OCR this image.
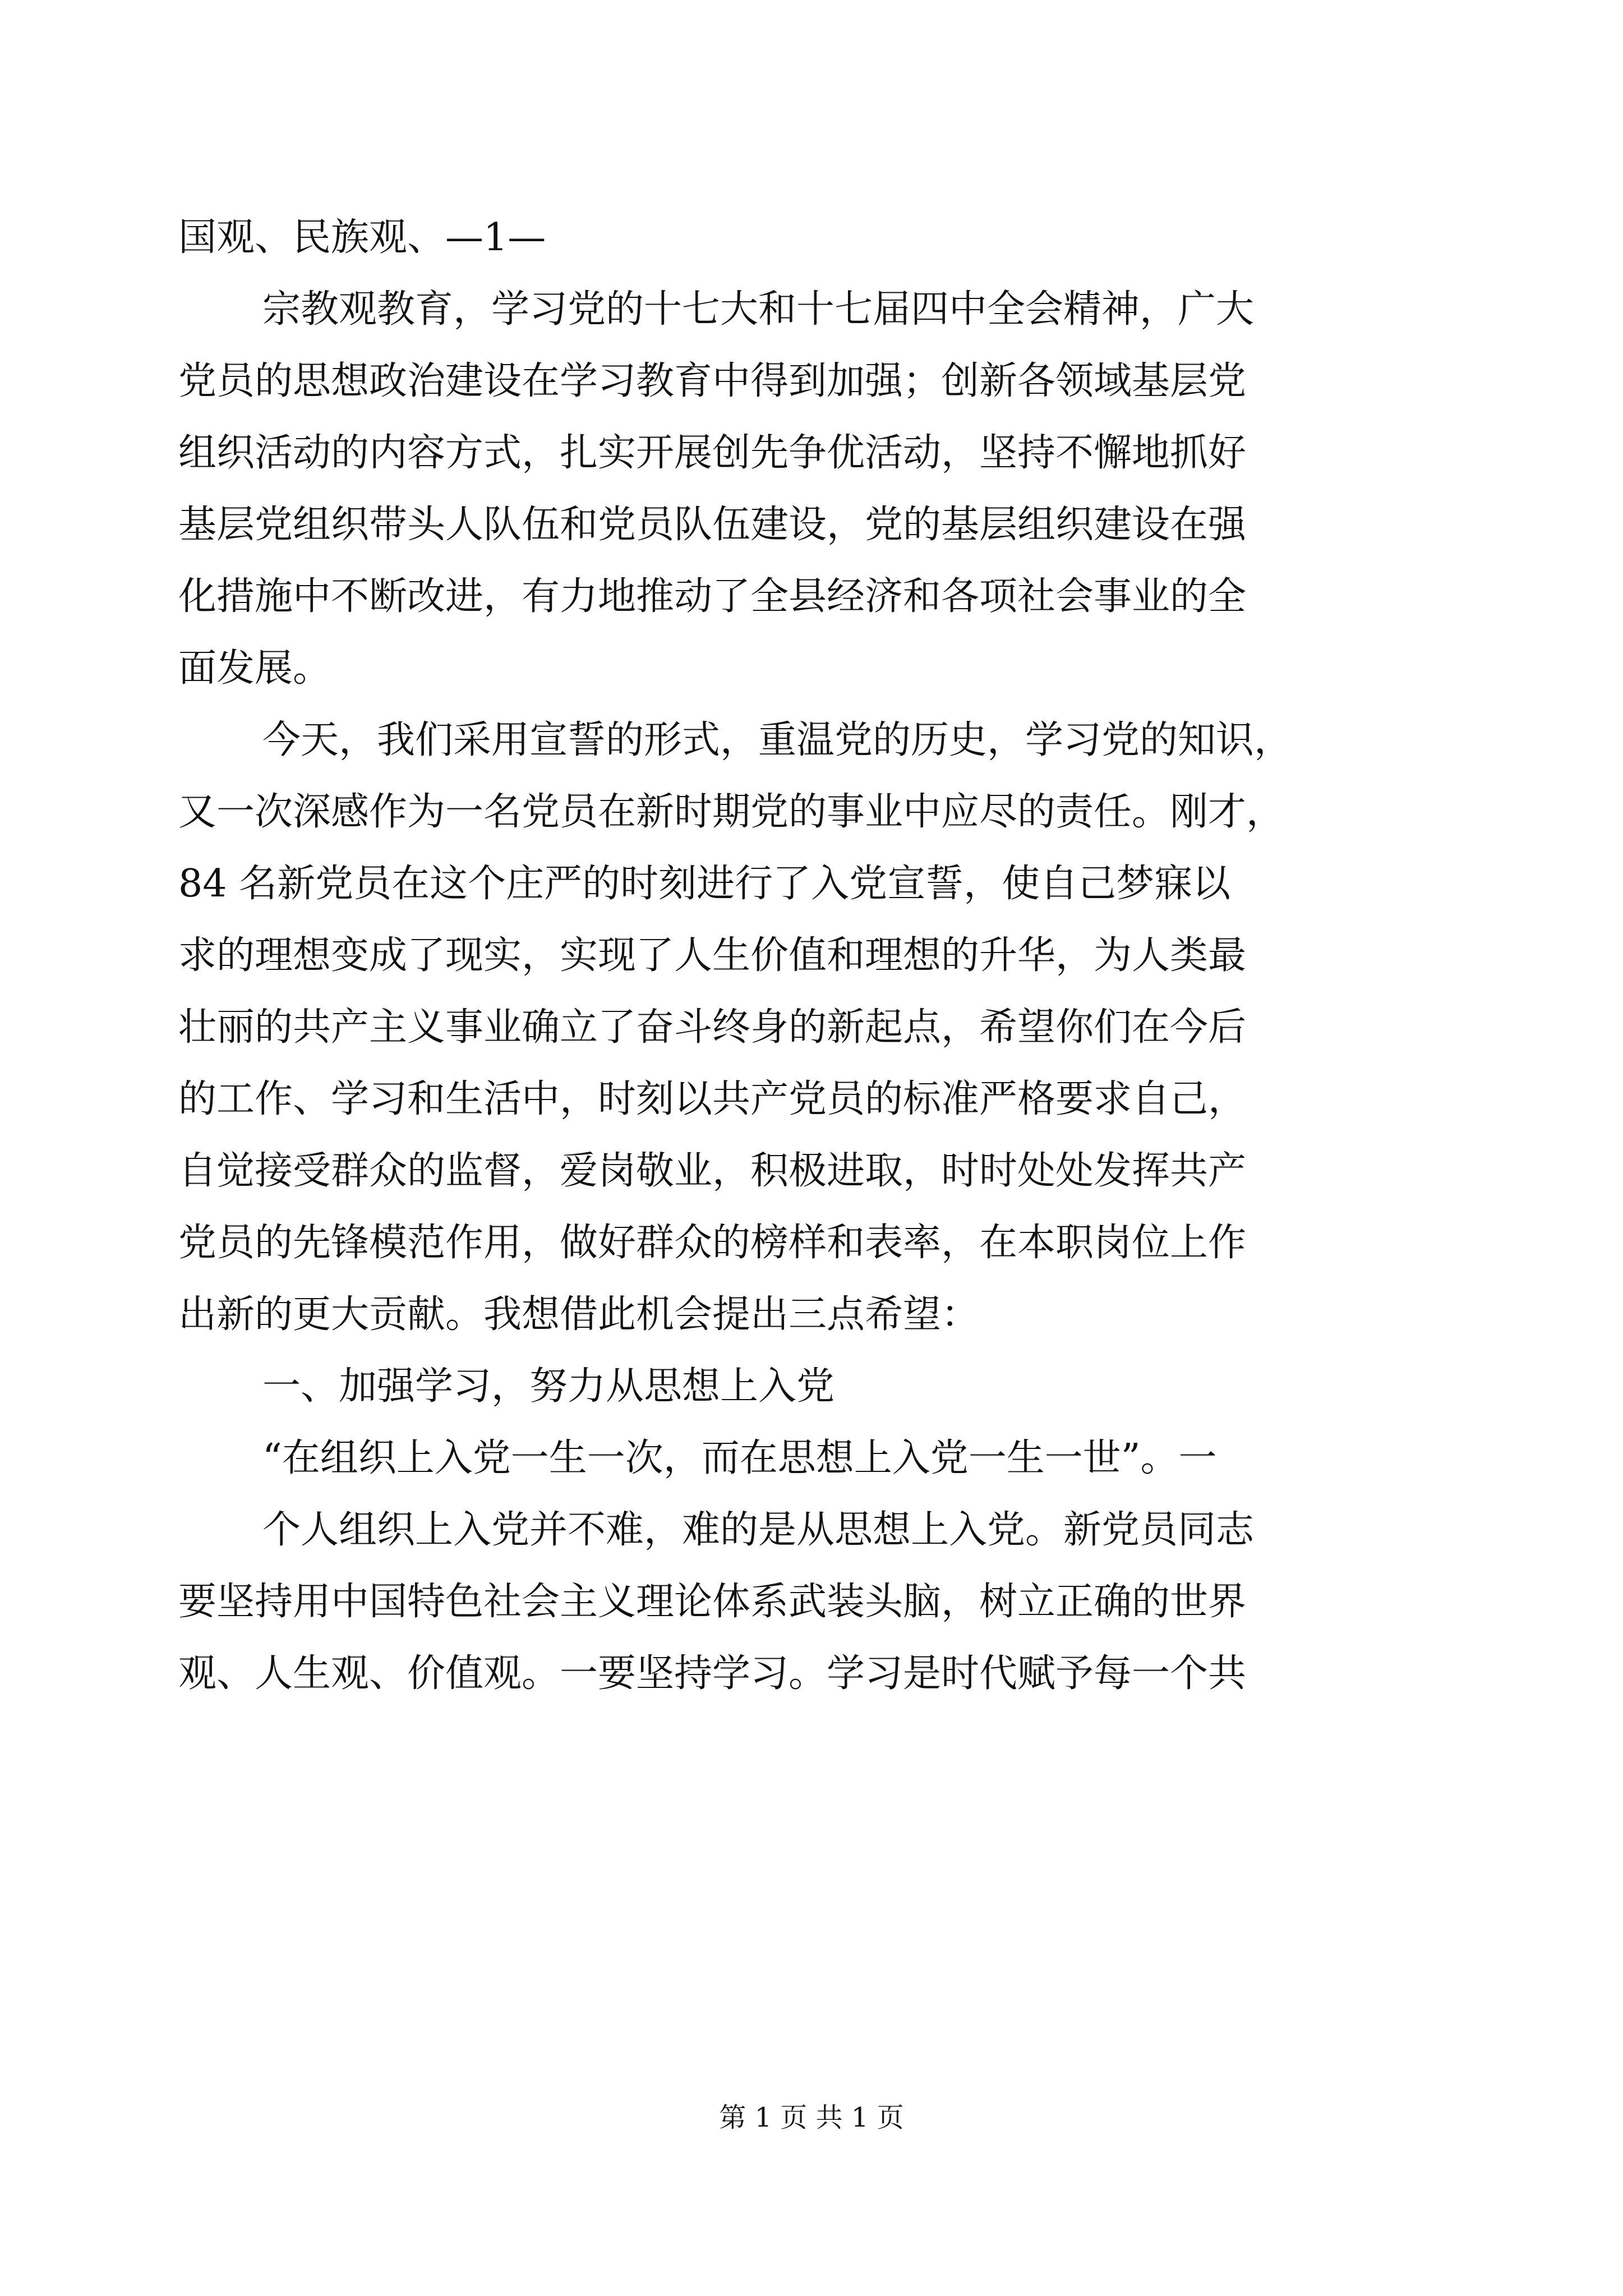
国观、民族观、—1—
宗教观教育，学习党的十七大和十七届四中全会精神，广大
党员的思想政治建设在学习教育中得到加强；创新各领域基层党
组织活动的内容方式，扎实开展创先争优活动，坚持不懈地抓好
基层党组织带头人队伍和党员队伍建设，党的基层组织建设在强
化措施中不断改进，有力地推动了全县经济和各项社会事业的全
面发展。
今天，我们采用宣誓的形式，重温党的历史，学习党的知识，
又一次深感作为一名党员在新时期党的事业中应尽的责任。刚才，
84 名新党员在这个庄严的时刻进行了入党宣誓，使自己梦寐以
求的理想变成了现实，实现了人生价值和理想的升华，为人类最
壮丽的共产主义事业确立了奋斗终身的新起点，希望你们在今后
的工作、学习和生活中，时刻以共产党员的标准严格要求自己，
自觉接受群众的监督，爱岗敬业，积极进取，时时处处发挥共产
党员的先锋模范作用，做好群众的榜样和表率，在本职岗位上作
出新的更大贡献。我想借此机会提出三点希望：
一、加强学习，努力从思想上入党
“在组织上入党一生一次，而在思想上入党一生一世”。一
个人组织上入党并不难，难的是从思想上入党。新党员同志
要坚持用中国特色社会主义理论体系武装头脑，树立正确的世界
观、人生观、价值观。一要坚持学习。学习是时代赋予每一个共
第 1 页 共 1 页
